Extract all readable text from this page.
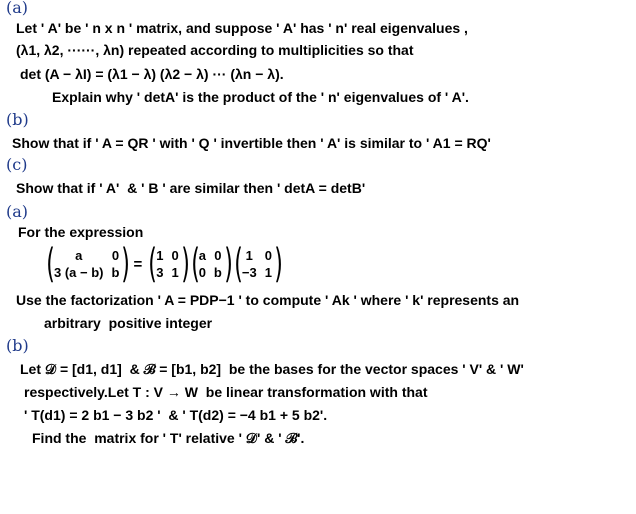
(a)
Let ' A' be ' n x n ' matrix, and suppose ' A' has ' n' real eigenvalues ,
(λ1, λ2, ······, λn) repeated according to multiplicities so that
det (A − λI) = (λ1 − λ) (λ2 − λ) ··· (λn − λ).
Explain why ' detA' is the product of the ' n' eigenvalues of ' A'.
(b)
Show that if ' A = QR ' with ' Q ' invertible then ' A' is similar to ' A1 = RQ'
(c)
Show that if ' A'  & ' B ' are similar then ' detA = detB'
(a)
For the expression
(	a	0
3 (a − b) b ) = ( 1 0
3 1 ) ( a 0
0 b ) ( 1 0
−3 1 )
Use the factorization ' A = PDP−1 ' to compute ' Ak ' where ' k' represents an
arbitrary  positive integer
(b)
Let 𝒟 = [d1, d1]  & ℬ = [b1, b2]  be the bases for the vector spaces ' V' & ' W'
respectively.Let T : V → W  be linear transformation with that
' T(d1) = 2 b1 − 3 b2 '  & ' T(d2) = −4 b1 + 5 b2'.
Find the  matrix for ' T' relative ' 𝒟' & ' ℬ'.
